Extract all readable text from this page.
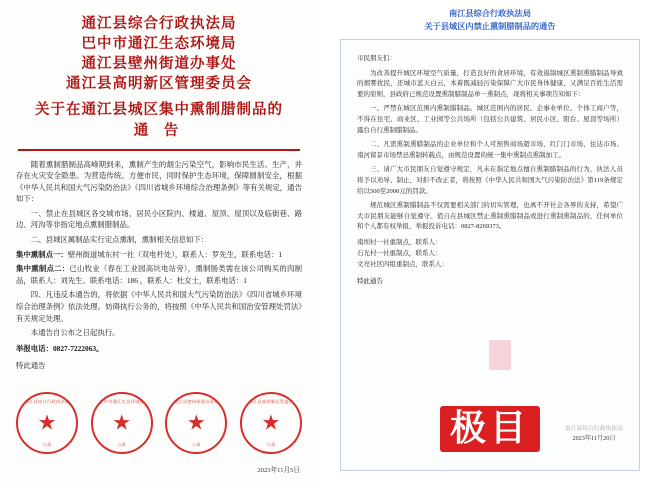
通江县综合行政执法局
巴中市通江生态环境局
通江县壁州街道办事处
通江县高明新区管理委员会
关于在通江县城区集中熏制腊制品的
通 告

随着熏制腊制品高峰期到来，熏制产生的烟尘污染空气，影响市民生活、生产，并存在火灾安全隐患。为营造传统、方便市民，同时保护生态环境，保障圆制安全，根据《中华人民共和国大气污染防治法》《四川省城乡环境综合治理条例》等有关规定，通告如下：

一、禁止在县城区各交城市场、居民小区院内、楼道、屋顶、屋顶以及临街巷、路边、河沟等非指定地点熏制腊制品。

二、县城区属制品实行定点熏制，熏制相关信息如下：

集中熏制点一：壁州街道城东村一社（双电杆处），联系人：罗先生，联系电话：1

集中熏制点二：已山牧业（春在工业园高坑电站旁），熏制肠类需在该公司购买的肉制品，联系人：刘先生、联系电话：186 ，联系人：杜女士，联系电话：1

四、凡违反本通告的，将依据《中华人民共和国大气污染防治法》《四川省城乡环境综合治理条例》依法处理。妨碍执行公务的，将按照《中华人民共和国治安管理处罚法》有关规定处理。

本通告自公布之日起执行。

举报电话：0827-7222063。
特此通告
通江县综合行政执法局
★
公章
巴中市通江生态环境局
★
公章
通江县壁州街道办事处
★
公章
通江县高明新区管委会
★
公章
2023年11月5日
南江县综合行政执法局
关于县域区内禁止熏制腊制品的通告

市民朋友们：

为改善提升城区环境空气质量，打造良好的食居环境，有效遏制城区熏制熏腊制品导致的烟雾扰民，还城市蓝天白云，本着既减轻污染保障广大市民身体健康，又满足百姓生活需要的原则，县政府已规范设置熏制腊制品单一熏制点，现将相关事项告知如下：

一、严禁在城区范围内熏制腊制品。城区范围内的居民、企事业单位、个体工商户等，不得在住宅、商业区、工业园等公共场所（包括公共建筑、居民小区、阳台、屋顶等场所）露台自行熏制腊制品。

二、凡需熏制熏腊制品的企业单位和个人可预售商场超市场、红门门市场、住达市场、南河留景市场禁忌熏制转载点，由规范设置的统一集中熏制点熏制加工。

三、请广大市民朋友自觉遵守规定，凡未在指定地点擅自熏制腊制品的行为，执法人员将予以劝导、制止，对拒不改正者，将按照《中华人民共和国大气污染防治法》第119条规定给以500至2000元的罚款。

规范城区熏制腊制品不仅需要相关部门的切实管理，也离不开社会各界的支持，希望广大市民朋友能够自觉遵守。值自在县城区禁止熏制熏腊制品或进行熏制熏制品的，任何单位和个人都有权举报，举报投诉电话：0827-8269373。

南坝村一社重制点，联系人：
石光村一社重制点，联系人：
文亮社区四组重制点，联系人：
特此通告
南江县综合行政执法局
2023年11月20日
极目
